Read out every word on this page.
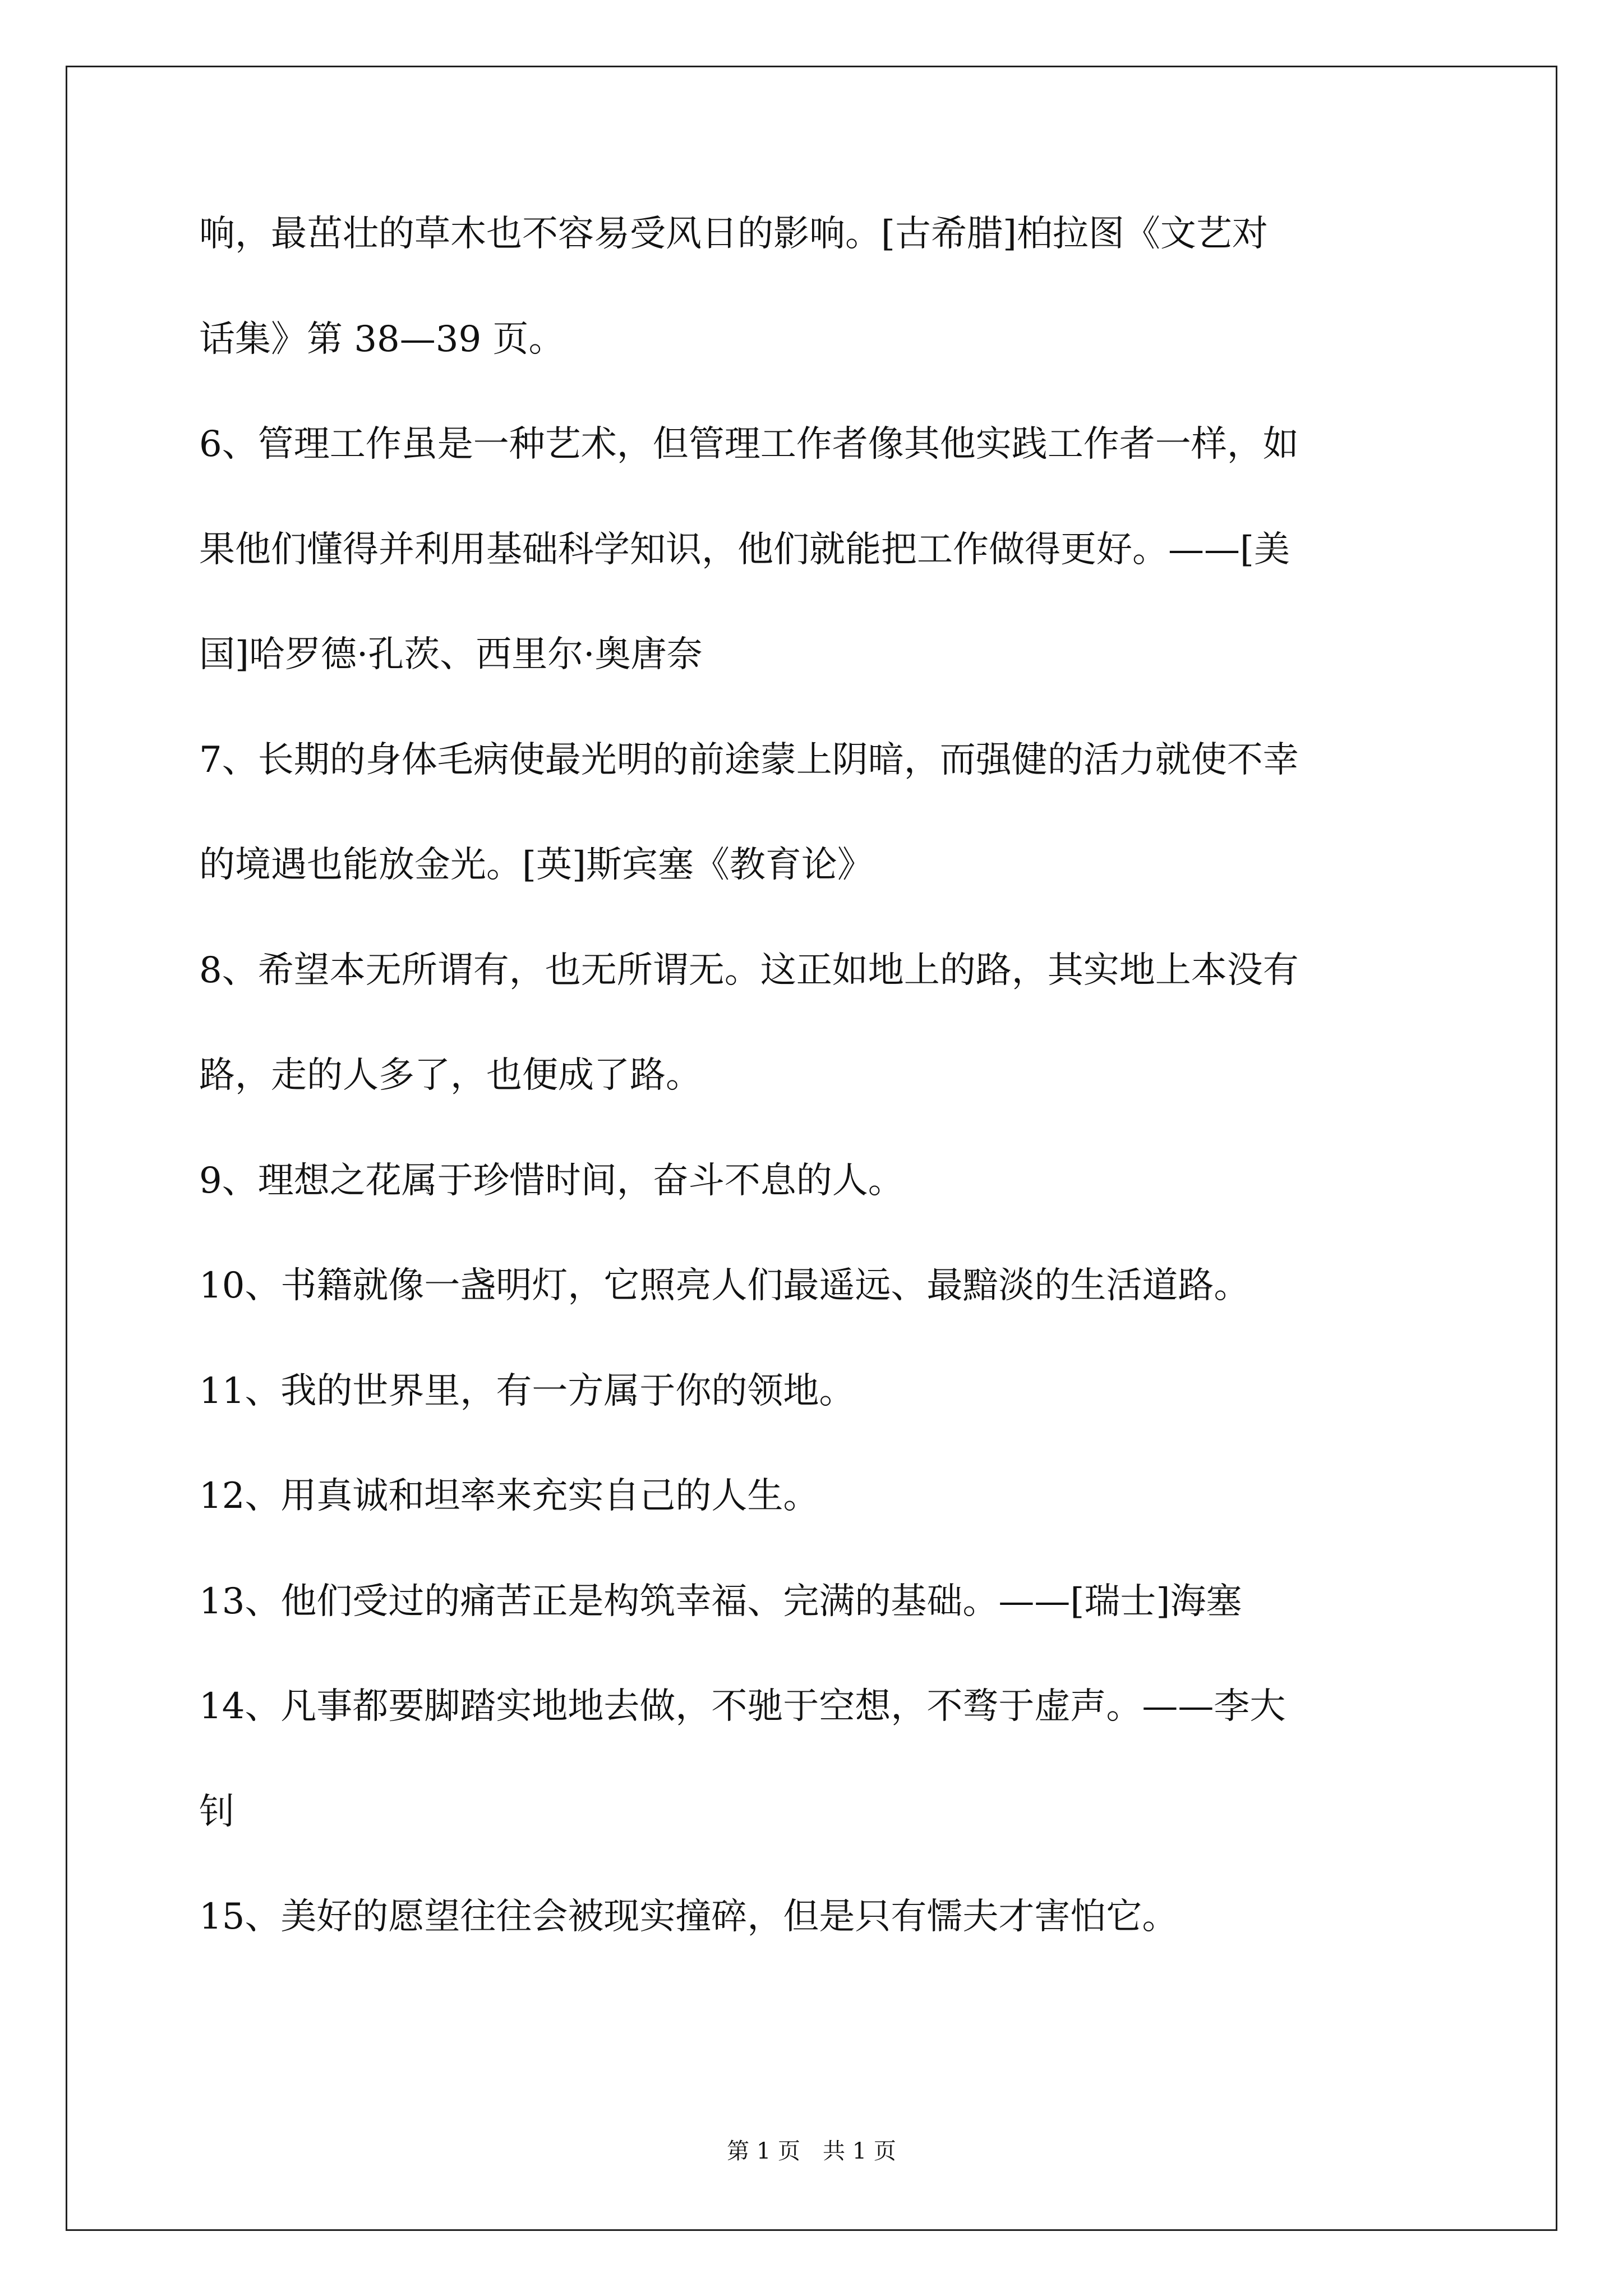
响，最茁壮的草木也不容易受风日的影响。[古希腊]柏拉图《文艺对
话集》第 38—39 页。
6、管理工作虽是一种艺术，但管理工作者像其他实践工作者一样，如
果他们懂得并利用基础科学知识，他们就能把工作做得更好。——[美
国]哈罗德·孔茨、西里尔·奥唐奈
7、长期的身体毛病使最光明的前途蒙上阴暗，而强健的活力就使不幸
的境遇也能放金光。[英]斯宾塞《教育论》
8、希望本无所谓有，也无所谓无。这正如地上的路，其实地上本没有
路，走的人多了，也便成了路。
9、理想之花属于珍惜时间，奋斗不息的人。
10、书籍就像一盏明灯，它照亮人们最遥远、最黯淡的生活道路。
11、我的世界里，有一方属于你的领地。
12、用真诚和坦率来充实自己的人生。
13、他们受过的痛苦正是构筑幸福、完满的基础。——[瑞士]海塞
14、凡事都要脚踏实地地去做，不驰于空想，不骛于虚声。——李大
钊
15、美好的愿望往往会被现实撞碎，但是只有懦夫才害怕它。
第 1 页　共 1 页
